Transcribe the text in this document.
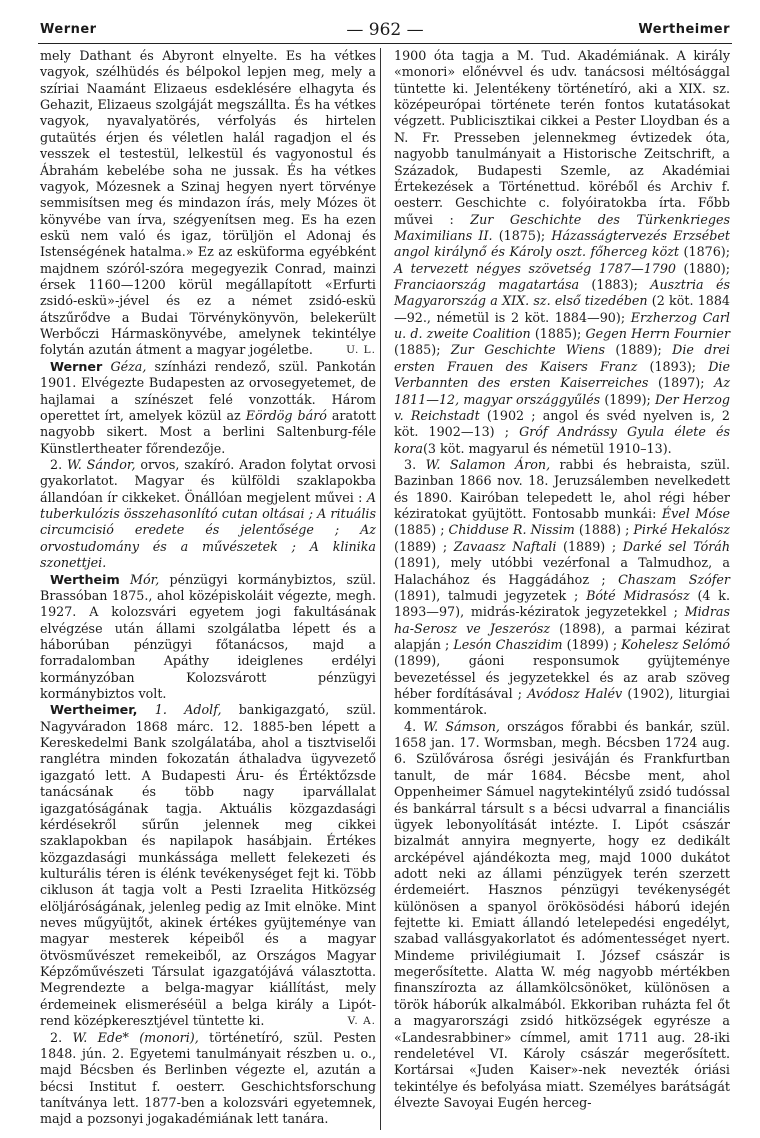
Werner	— 962 —	Wertheimer

mely Dathant és Abyront elnyelte. Es ha vétkes vagyok, szélhüdés és bélpokol lepjen meg, mely a szíriai Naamánt Elizaeus esdeklésére elhagyta és Gehazit, Elizaeus szolgáját megszállta. És ha vétkes vagyok, nyavalyatörés, vérfolyás és hirtelen gutaütés érjen és véletlen halál ragadjon el és vesszek el testestül, lelkestül és vagyonostul és Ábrahám kebelébe soha ne jussak. És ha vétkes vagyok, Mózesnek a Szinaj hegyen nyert törvénye semmisítsen meg és mindazon írás, mely Mózes öt könyvébe van írva, szégyenítsen meg. Es ha ezen eskü nem való és igaz, törüljön el Adonaj és Istenségének hatalma.» Ez az esküforma egyébként majdnem szóról-szóra megegyezik Conrad, mainzi érsek 1160—1200 körül megállapított «Erfurti zsidó-eskü»-jével és ez a német zsidó-eskü átszűrődve a Budai Törvénykönyvön, belekerült Werbőczi Hármaskönyvébe, amelynek tekintélye folytán azután átment a magyar jogéletbe.	U. L.

Werner Géza, színházi rendező, szül. Pankotán 1901. Elvégezte Budapesten az orvosegyetemet, de hajlamai a színészet felé vonzották. Három operettet írt, amelyek közül az Eördög báró aratott nagyobb sikert. Most a berlini Saltenburg-féle Künstlertheater főrendezője.

2. W. Sándor, orvos, szakíró. Aradon folytat orvosi gyakorlatot. Magyar és külföldi szaklapokba állandóan ír cikkeket. Önállóan megjelent művei : A tuberkulózis összehasonlító cutan oltásai ; A rituális circumcisió eredete és jelentősége ; Az orvostudomány és a művészetek ; A klinika szonettjei.

Wertheim Mór, pénzügyi kormánybiztos, szül. Brassóban 1875., ahol középiskoláit végezte, megh. 1927. A kolozsvári egyetem jogi fakultásának elvégzése után állami szolgálatba lépett és a háborúban pénzügyi főtanácsos, majd a forradalomban Apáthy ideiglenes erdélyi kormányzóban Kolozsvárott pénzügyi kormánybiztos volt.

Wertheimer, 1. Adolf, bankigazgató, szül. Nagyváradon 1868 márc. 12. 1885-ben lépett a Kereskedelmi Bank szolgálatába, ahol a tisztviselői ranglétra minden fokozatán áthaladva ügyvezető igazgató lett. A Budapesti Áru- és Értéktőzsde tanácsának és több nagy iparvállalat igazgatóságának tagja. Aktuális közgazdasági kérdésekről sűrűn jelennek meg cikkei szaklapokban és napilapok hasábjain. Értékes közgazdasági munkássága mellett felekezeti és kulturális téren is élénk tevékenységet fejt ki. Több cikluson át tagja volt a Pesti Izraelita Hitközség elöljáróságának, jelenleg pedig az Imit elnöke. Mint neves műgyüjtőt, akinek értékes gyüjteménye van magyar mesterek képeiből és a magyar ötvösművészet remekeiből, az Országos Magyar Képzőművészeti Társulat igazgatójává választotta. Megrendezte a belga-magyar kiállítást, mely érdemeinek elismeréséül a belga király a Lipót-rend középkeresztjével tüntette ki.	V. A.

2. W. Ede* (monori), történetíró, szül. Pesten 1848. jún. 2. Egyetemi tanulmányait részben u. o., majd Bécsben és Berlinben végezte el, azután a bécsi Institut f. oesterr. Geschichtsforschung tanítványa lett. 1877-ben a kolozsvári egyetemnek, majd a pozsonyi jogakadémiának lett tanára.

1900 óta tagja a M. Tud. Akadémiának. A király «monori» előnévvel és udv. tanácsosi méltósággal tüntette ki. Jelentékeny történetíró, aki a XIX. sz. középeurópai története terén fontos kutatásokat végzett. Publicisztikai cikkei a Pester Lloydban és a N. Fr. Presseben jelennekmeg évtizedek óta, nagyobb tanulmányait a Historische Zeitschrift, a Századok, Budapesti Szemle, az Akadémiai Értekezések a Történettud. köréből és Archiv f. oesterr. Geschichte c. folyóiratokba írta. Főbb művei : Zur Geschichte des Türkenkrieges Maximilians II. (1875); Házasságtervezés Erzsébet angol királynő és Károly oszt. főherceg közt (1876); A tervezett négyes szövetség 1787—1790 (1880); Franciaország magatartása (1883); Ausztria és Magyarország a XIX. sz. első tizedében (2 köt. 1884—92., németül is 2 köt. 1884—90); Erzherzog Carl u. d. zweite Coalition (1885); Gegen Herrn Fournier (1885); Zur Geschichte Wiens (1889); Die drei ersten Frauen des Kaisers Franz (1893); Die Verbannten des ersten Kaiserreiches (1897); Az 1811—12, magyar országgyűlés (1899); Der Herzog v. Reichstadt (1902 ; angol és svéd nyelven is, 2 köt. 1902—13) ; Gróf Andrássy Gyula élete és kora(3 köt. magyarul és németül 1910–13).

3. W. Salamon Áron, rabbi és hebraista, szül. Bazinban 1866 nov. 18. Jeruzsálemben nevelkedett és 1890. Kairóban telepedett le, ahol régi héber kéziratokat gyüjtött. Fontosabb munkái: Ével Móse (1885) ; Chidduse R. Nissim (1888) ; Pirké Hekalósz (1889) ; Zavaasz Naftali (1889) ; Darké sel Tóráh (1891), mely utóbbi vezérfonal a Talmudhoz, a Halachához és Haggádához ; Chaszam Szófer (1891), talmudi jegyzetek ; Bóté Midrasósz (4 k. 1893—97), midrás-kéziratok jegyzetekkel ; Midras ha-Serosz ve Jeszerósz (1898), a parmai kézirat alapján ; Lesón Chaszidim (1899) ; Kohelesz Selómó (1899), gáoni responsumok gyüjteménye bevezetéssel és jegyzetekkel és az arab szöveg héber fordításával ; Avódosz Halév (1902), liturgiai kommentárok.

4. W. Sámson, országos főrabbi és bankár, szül. 1658 jan. 17. Wormsban, megh. Bécsben 1724 aug. 6. Szülővárosa ősrégi jesiváján és Frankfurtban tanult, de már 1684. Bécsbe ment, ahol Oppenheimer Sámuel nagytekintélyű zsidó tudóssal és bankárral társult s a bécsi udvarral a financiális ügyek lebonyolítását intézte. I. Lipót császár bizalmát annyira megnyerte, hogy ez dedikált arcképével ajándékozta meg, majd 1000 dukátot adott neki az állami pénzügyek terén szerzett érdemeiért. Hasznos pénzügyi tevékenységét különösen a spanyol örökösödési háború idején fejtette ki. Emiatt állandó letelepedési engedélyt, szabad vallásgyakorlatot és adómentességet nyert. Mindeme privilégiumait I. József császár is megerősítette. Alatta W. még nagyobb mértékben finanszírozta az államkölcsönöket, különösen a török háborúk alkalmából. Ekkoriban ruházta fel őt a magyarországi zsidó hitközségek egyrésze a «Landesrabbiner» címmel, amit 1711 aug. 28-iki rendeletével VI. Károly császár megerősített. Kortársai «Juden Kaiser»-nek nevezték óriási tekintélye és befolyása miatt. Személyes barátságát élvezte Savoyai Eugén herceg-
